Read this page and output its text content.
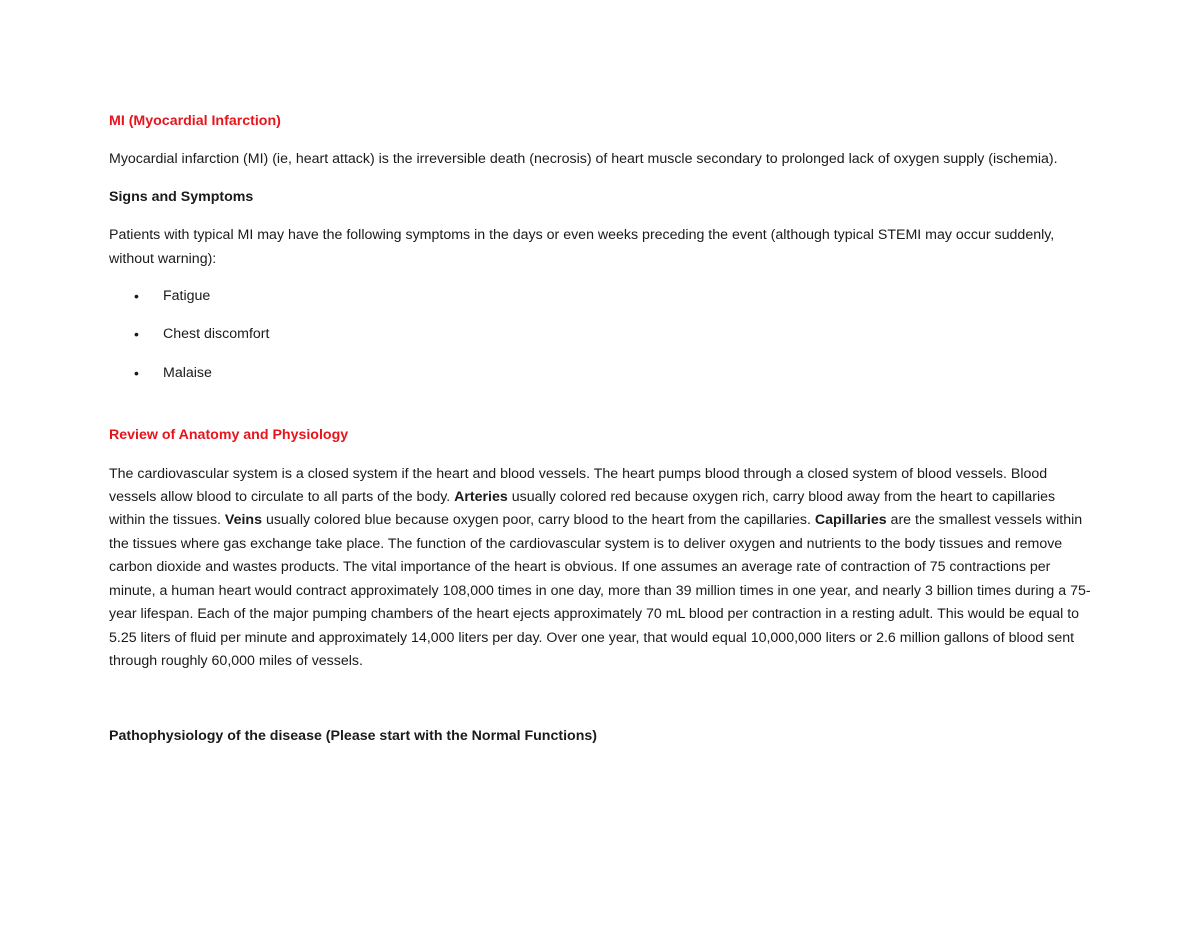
MI (Myocardial Infarction)

Myocardial infarction (MI) (ie, heart attack) is the irreversible death (necrosis) of heart muscle secondary to prolonged lack of oxygen supply (ischemia).

Signs and Symptoms

Patients with typical MI may have the following symptoms in the days or even weeks preceding the event (although typical STEMI may occur suddenly, without warning):

• Fatigue
• Chest discomfort
• Malaise

Review of Anatomy and Physiology

The cardiovascular system is a closed system if the heart and blood vessels. The heart pumps blood through a closed system of blood vessels. Blood vessels allow blood to circulate to all parts of the body. Arteries usually colored red because oxygen rich, carry blood away from the heart to capillaries within the tissues. Veins usually colored blue because oxygen poor, carry blood to the heart from the capillaries. Capillaries are the smallest vessels within the tissues where gas exchange take place. The function of the cardiovascular system is to deliver oxygen and nutrients to the body tissues and remove carbon dioxide and wastes products. The vital importance of the heart is obvious. If one assumes an average rate of contraction of 75 contractions per minute, a human heart would contract approximately 108,000 times in one day, more than 39 million times in one year, and nearly 3 billion times during a 75-year lifespan. Each of the major pumping chambers of the heart ejects approximately 70 mL blood per contraction in a resting adult. This would be equal to 5.25 liters of fluid per minute and approximately 14,000 liters per day. Over one year, that would equal 10,000,000 liters or 2.6 million gallons of blood sent through roughly 60,000 miles of vessels.

Pathophysiology of the disease (Please start with the Normal Functions)
